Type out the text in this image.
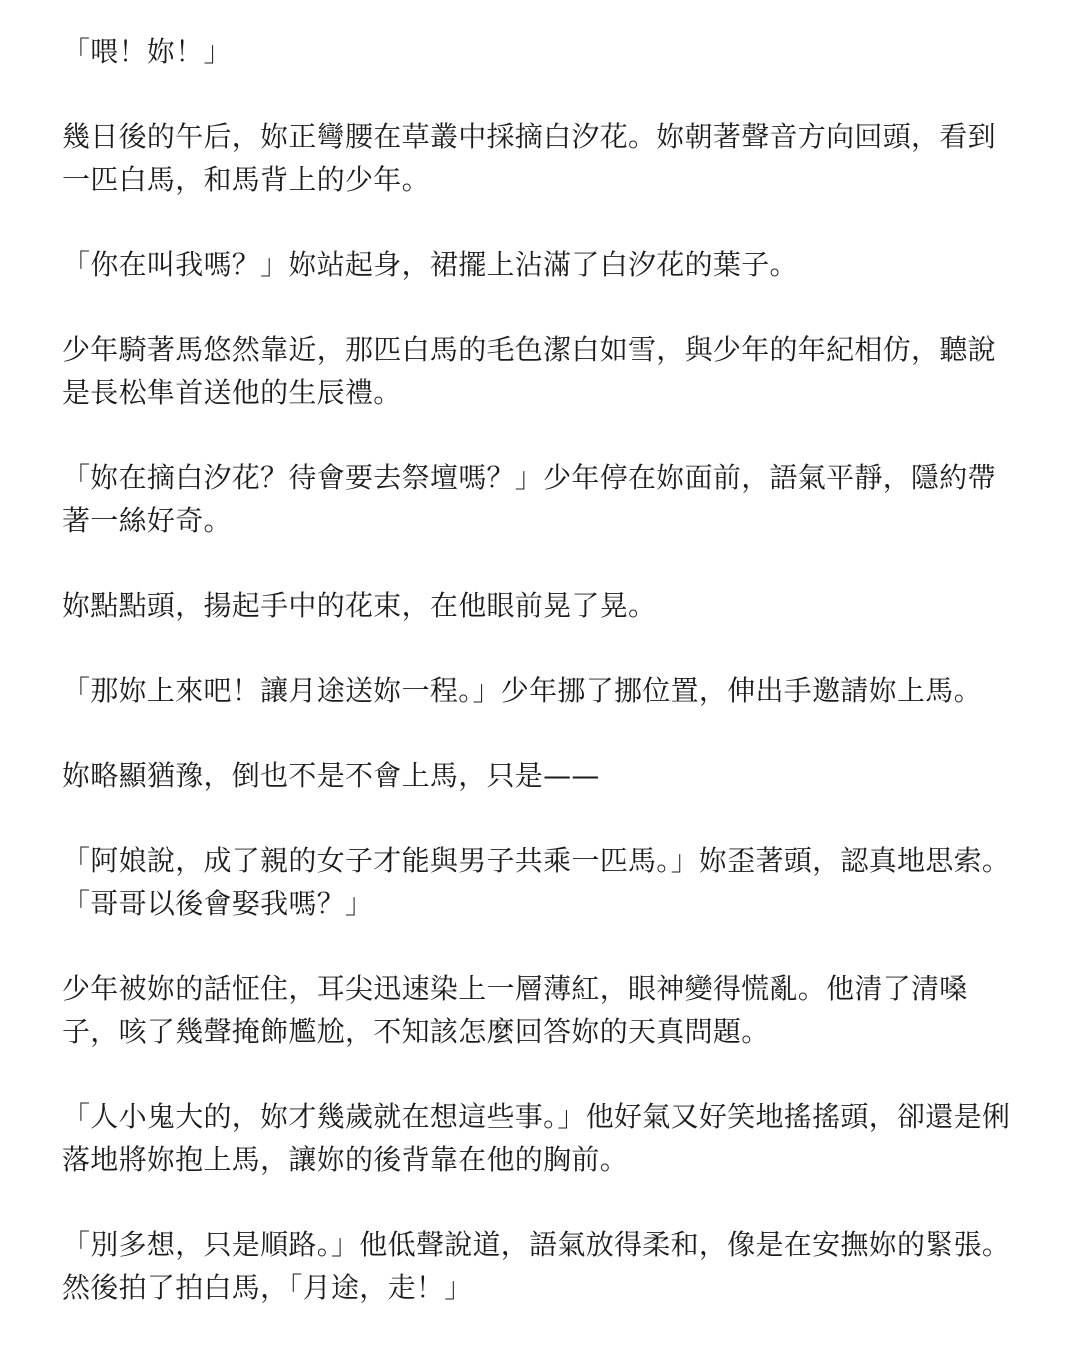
「喂！妳！」

幾日後的午后，妳正彎腰在草叢中採摘白汐花。妳朝著聲音方向回頭，看到一匹白馬，和馬背上的少年。

「你在叫我嗎？」妳站起身，裙擺上沾滿了白汐花的葉子。

少年騎著馬悠然靠近，那匹白馬的毛色潔白如雪，與少年的年紀相仿，聽說是長松隼首送他的生辰禮。

「妳在摘白汐花？待會要去祭壇嗎？」少年停在妳面前，語氣平靜，隱約帶著一絲好奇。

妳點點頭，揚起手中的花束，在他眼前晃了晃。

「那妳上來吧！讓月途送妳一程。」少年挪了挪位置，伸出手邀請妳上馬。

妳略顯猶豫，倒也不是不會上馬，只是——

「阿娘說，成了親的女子才能與男子共乘一匹馬。」妳歪著頭，認真地思索。「哥哥以後會娶我嗎？」

少年被妳的話怔住，耳尖迅速染上一層薄紅，眼神變得慌亂。他清了清嗓子，咳了幾聲掩飾尷尬，不知該怎麼回答妳的天真問題。

「人小鬼大的，妳才幾歲就在想這些事。」他好氣又好笑地搖搖頭，卻還是俐落地將妳抱上馬，讓妳的後背靠在他的胸前。

「別多想，只是順路。」他低聲說道，語氣放得柔和，像是在安撫妳的緊張。然後拍了拍白馬，「月途，走！」
